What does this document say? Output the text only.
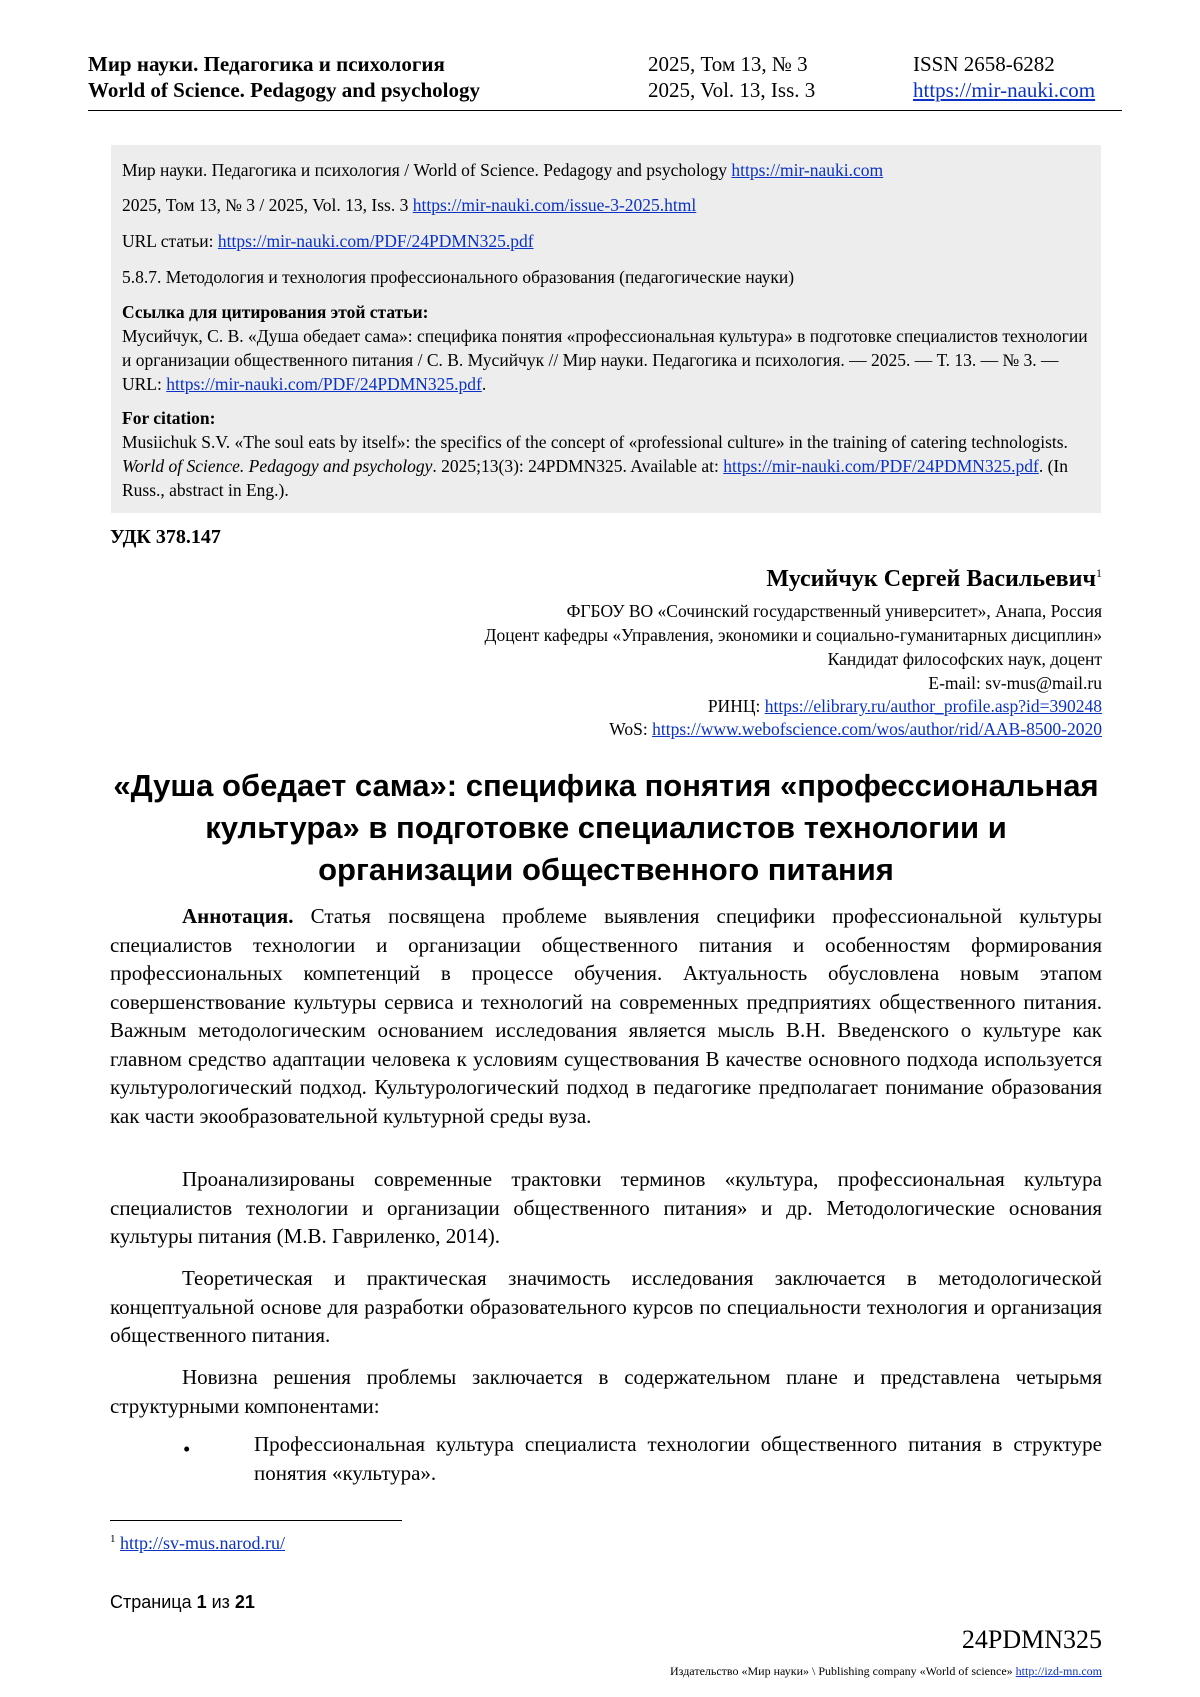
Мир науки. Педагогика и психология
World of Science. Pedagogy and psychology
2025, Том 13, № 3
2025, Vol. 13, Iss. 3
ISSN 2658-6282
https://mir-nauki.com

Мир науки. Педагогика и психология / World of Science. Pedagogy and psychology https://mir-nauki.com

2025, Том 13, № 3 / 2025, Vol. 13, Iss. 3 https://mir-nauki.com/issue-3-2025.html

URL статьи: https://mir-nauki.com/PDF/24PDMN325.pdf

5.8.7. Методология и технология профессионального образования (педагогические науки)

Ссылка для цитирования этой статьи:
Мусийчук, С. В. «Душа обедает сама»: специфика понятия «профессиональная культура» в подготовке специалистов технологии и организации общественного питания / С. В. Мусийчук // Мир науки. Педагогика и психология. — 2025. — Т. 13. — № 3. — URL: https://mir-nauki.com/PDF/24PDMN325.pdf.

For citation:
Musiichuk S.V. «The soul eats by itself»: the specifics of the concept of «professional culture» in the training of catering technologists. World of Science. Pedagogy and psychology. 2025;13(3): 24PDMN325. Available at: https://mir-nauki.com/PDF/24PDMN325.pdf. (In Russ., abstract in Eng.).

УДК 378.147
Мусийчук Сергей Васильевич$^1$
ФГБОУ ВО «Сочинский государственный университет», Анапа, Россия
Доцент кафедры «Управления, экономики и социально-гуманитарных дисциплин»
Кандидат философских наук, доцент
E-mail: sv-mus@mail.ru
РИНЦ: https://elibrary.ru/author_profile.asp?id=390248
WoS: https://www.webofscience.com/wos/author/rid/AAB-8500-2020
«Душа обедает сама»: специфика понятия «профессиональная культура» в подготовке специалистов технологии и организации общественного питания

Аннотация. Статья посвящена проблеме выявления специфики профессиональной культуры специалистов технологии и организации общественного питания и особенностям формирования профессиональных компетенций в процессе обучения. Актуальность обусловлена новым этапом совершенствование культуры сервиса и технологий на современных предприятиях общественного питания. Важным методологическим основанием исследования является мысль В.Н. Введенского о культуре как главном средство адаптации человека к условиям существования В качестве основного подхода используется культурологический подход. Культурологический подход в педагогике предполагает понимание образования как части экообразовательной культурной среды вуза.

Проанализированы современные трактовки терминов «культура, профессиональная культура специалистов технологии и организации общественного питания» и др. Методологические основания культуры питания (М.В. Гавриленко, 2014).

Теоретическая и практическая значимость исследования заключается в методологической концептуальной основе для разработки образовательного курсов по специальности технология и организация общественного питания.

Новизна решения проблемы заключается в содержательном плане и представлена четырьмя структурными компонентами:

•	Профессиональная культура специалиста технологии общественного питания в структуре понятия «культура».
$^1$ http://sv-mus.narod.ru/
Страница 1 из 21
24PDMN325
Издательство «Мир науки» \ Publishing company «World of science» http://izd-mn.com
